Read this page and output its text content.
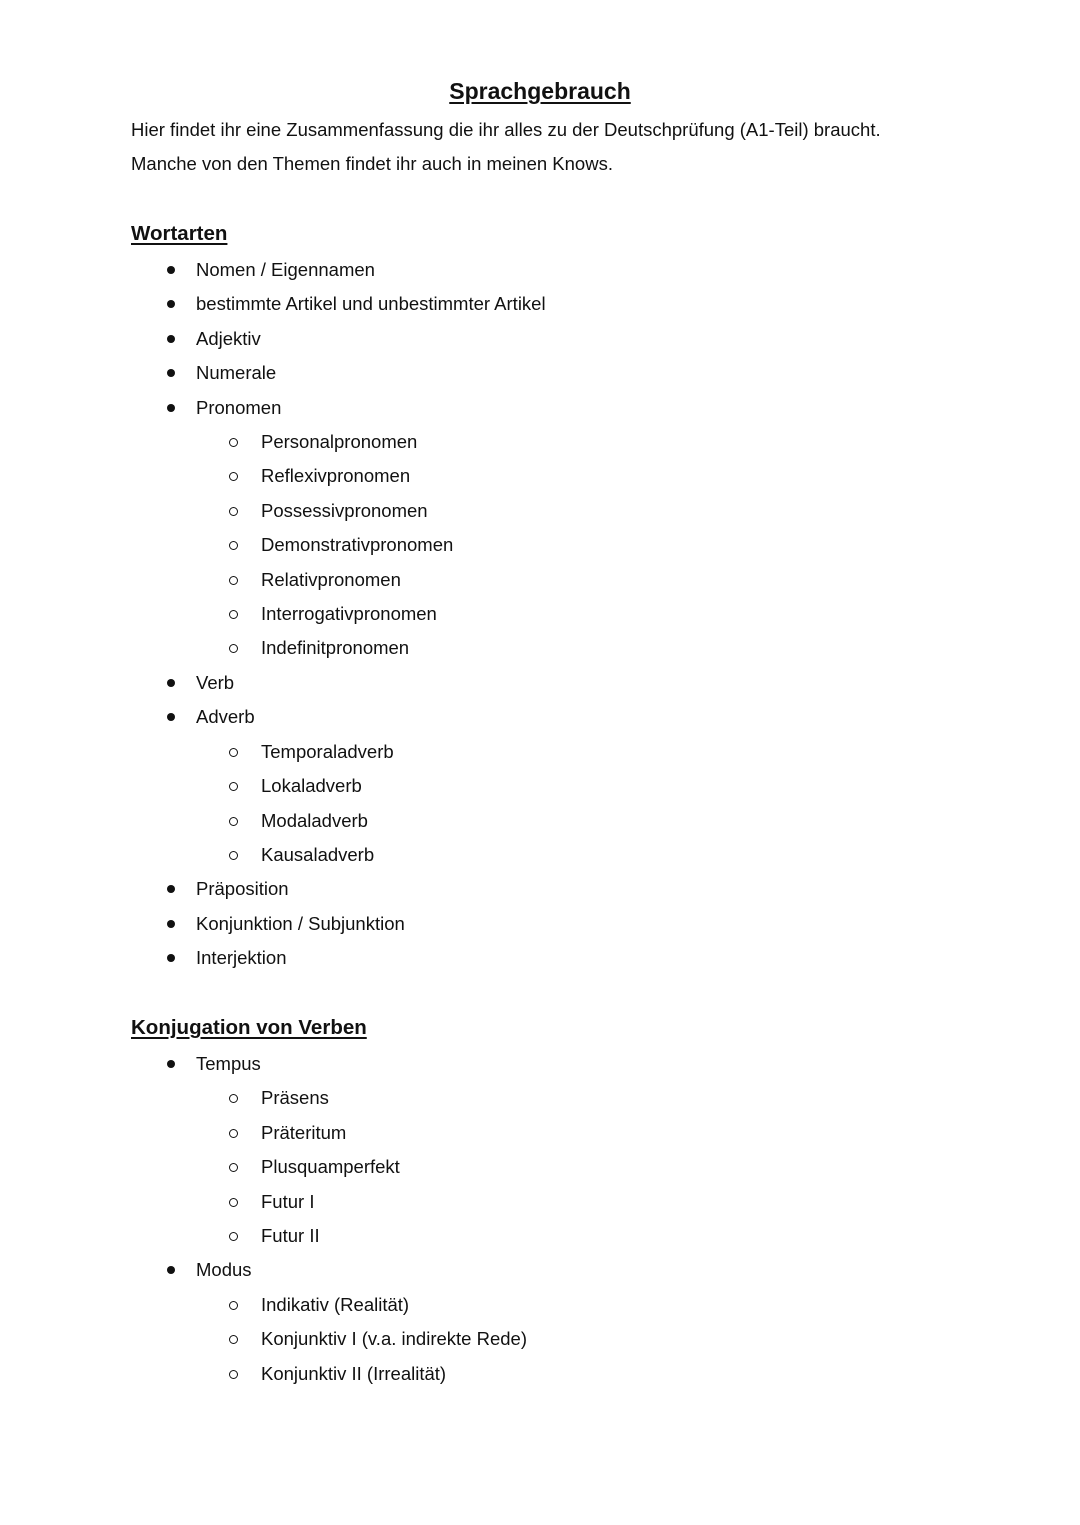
Sprachgebrauch
Hier findet ihr eine Zusammenfassung die ihr alles zu der Deutschprüfung (A1-Teil) braucht.
Manche von den Themen findet ihr auch in meinen Knows.
Wortarten
Nomen / Eigennamen
bestimmte Artikel und unbestimmter Artikel
Adjektiv
Numerale
Pronomen
Personalpronomen
Reflexivpronomen
Possessivpronomen
Demonstrativpronomen
Relativpronomen
Interrogativpronomen
Indefinitpronomen
Verb
Adverb
Temporaladverb
Lokaladverb
Modaladverb
Kausaladverb
Präposition
Konjunktion / Subjunktion
Interjektion
Konjugation von Verben
Tempus
Präsens
Präteritum
Plusquamperfekt
Futur I
Futur II
Modus
Indikativ (Realität)
Konjunktiv I (v.a. indirekte Rede)
Konjunktiv II (Irrealität)
